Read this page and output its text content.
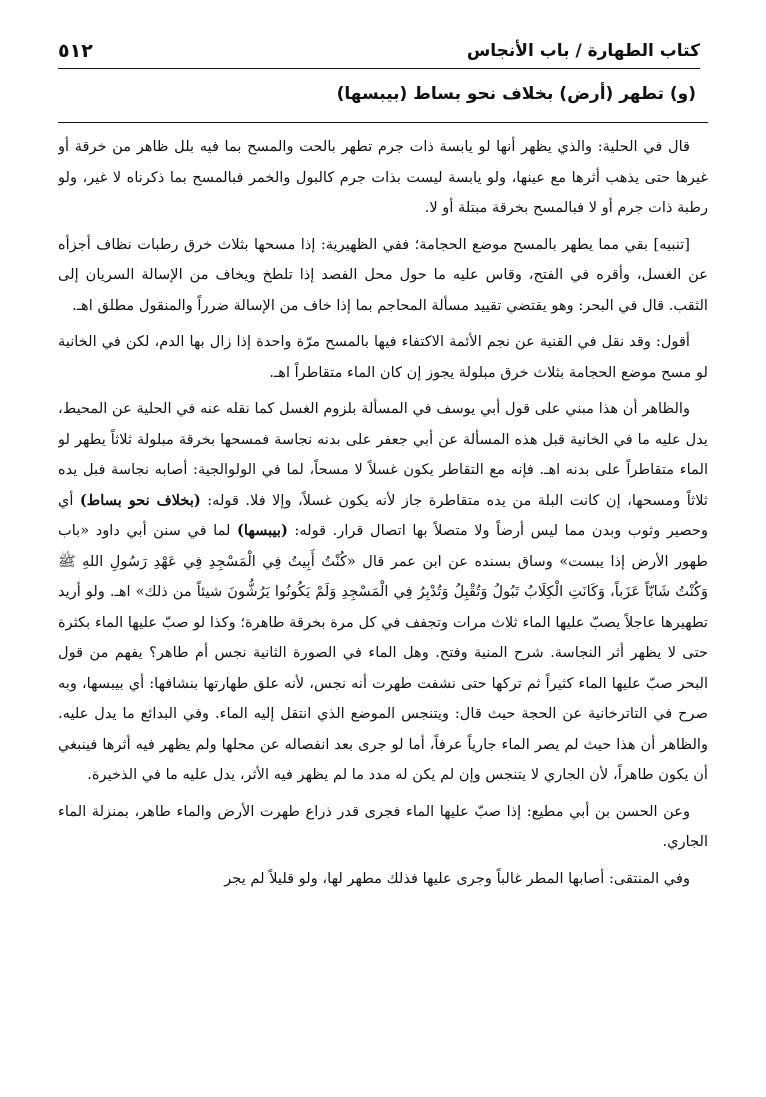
كتاب الطهارة / باب الأنجاس
٥١٢
(و) تطهر (أرض) بخلاف نحو بساط (بيبسها)

قال في الحلية: والذي يظهر أنها لو يابسة ذات جرم تطهر بالحت والمسح بما فيه بلل ظاهر من خرقة أو غيرها حتى يذهب أثرها مع عينها، ولو يابسة ليست بذات جرم كالبول والخمر فبالمسح بما ذكرناه لا غير، ولو رطبة ذات جرم أو لا فبالمسح بخرقة مبتلة أو لا.

[تنبيه] بقي مما يطهر بالمسح موضع الحجامة؛ ففي الظهيرية: إذا مسحها بثلاث خرق رطبات نظاف أجزأه عن الغسل، وأقره في الفتح، وقاس عليه ما حول محل الفصد إذا تلطخ ويخاف من الإسالة السريان إلى الثقب. قال في البحر: وهو يقتضي تقييد مسألة المحاجم بما إذا خاف من الإسالة ضرراً والمنقول مطلق اهـ.

أقول: وقد نقل في القنية عن نجم الأئمة الاكتفاء فيها بالمسح مرّة واحدة إذا زال بها الدم، لكن في الخانية لو مسح موضع الحجامة بثلاث خرق مبلولة يجوز إن كان الماء متقاطراً اهـ.

والظاهر أن هذا مبني على قول أبي يوسف في المسألة بلزوم الغسل كما نقله عنه في الحلية عن المحيط، يدل عليه ما في الخانية قبل هذه المسألة عن أبي جعفر على بدنه نجاسة فمسحها بخرقة مبلولة ثلاثاً يطهر لو الماء متقاطراً على بدنه اهـ. فإنه مع التقاطر يكون غسلاً لا مسحاً، لما في الولوالجية: أصابه نجاسة فبل يده ثلاثاً ومسحها، إن كانت البلة من يده متقاطرة جاز لأنه يكون غسلاً، وإلا فلا. قوله: (بخلاف نحو بساط) أي وحصير وثوب وبدن مما ليس أرضاً ولا متصلاً بها اتصال قرار. قوله: (بيبسها) لما في سنن أبي داود «باب طهور الأرض إذا يبست» وساق بسنده عن ابن عمر قال «كُنْتُ أَبِيتُ فِي الْمَسْجِدِ فِي عَهْدِ رَسُولِ اللهِ ﷺ وَكُنْتُ شَابّاً عَزَباً، وَكَانَتِ الْكِلَابُ تَبُولُ وَتُقْبِلُ وَتُدْبِرُ فِي الْمَسْجِدِ وَلَمْ يَكُونُوا يَرُشُّونَ شيئاً من ذلك» اهـ. ولو أريد تطهيرها عاجلاً يصبّ عليها الماء ثلاث مرات وتجفف في كل مرة بخرقة طاهرة؛ وكذا لو صبّ عليها الماء بكثرة حتى لا يظهر أثر النجاسة. شرح المنية وفتح. وهل الماء في الصورة الثانية نجس أم طاهر؟ يفهم من قول البحر صبّ عليها الماء كثيراً ثم تركها حتى نشفت طهرت أنه نجس، لأنه علق طهارتها بنشافها: أي بيبسها، وبه صرح في التاترخانية عن الحجة حيث قال: ويتنجس الموضع الذي انتقل إليه الماء. وفي البدائع ما يدل عليه. والظاهر أن هذا حيث لم يصر الماء جارياً عرفاً، أما لو جرى بعد انفصاله عن محلها ولم يظهر فيه أثرها فينبغي أن يكون طاهراً، لأن الجاري لا يتنجس وإن لم يكن له مدد ما لم يظهر فيه الأثر، يدل عليه ما في الذخيرة.

وعن الحسن بن أبي مطيع: إذا صبّ عليها الماء فجرى قدر ذراع طهرت الأرض والماء طاهر، بمنزلة الماء الجاري.

وفي المنتقى: أصابها المطر غالباً وجرى عليها فذلك مطهر لها، ولو قليلاً لم يجر
